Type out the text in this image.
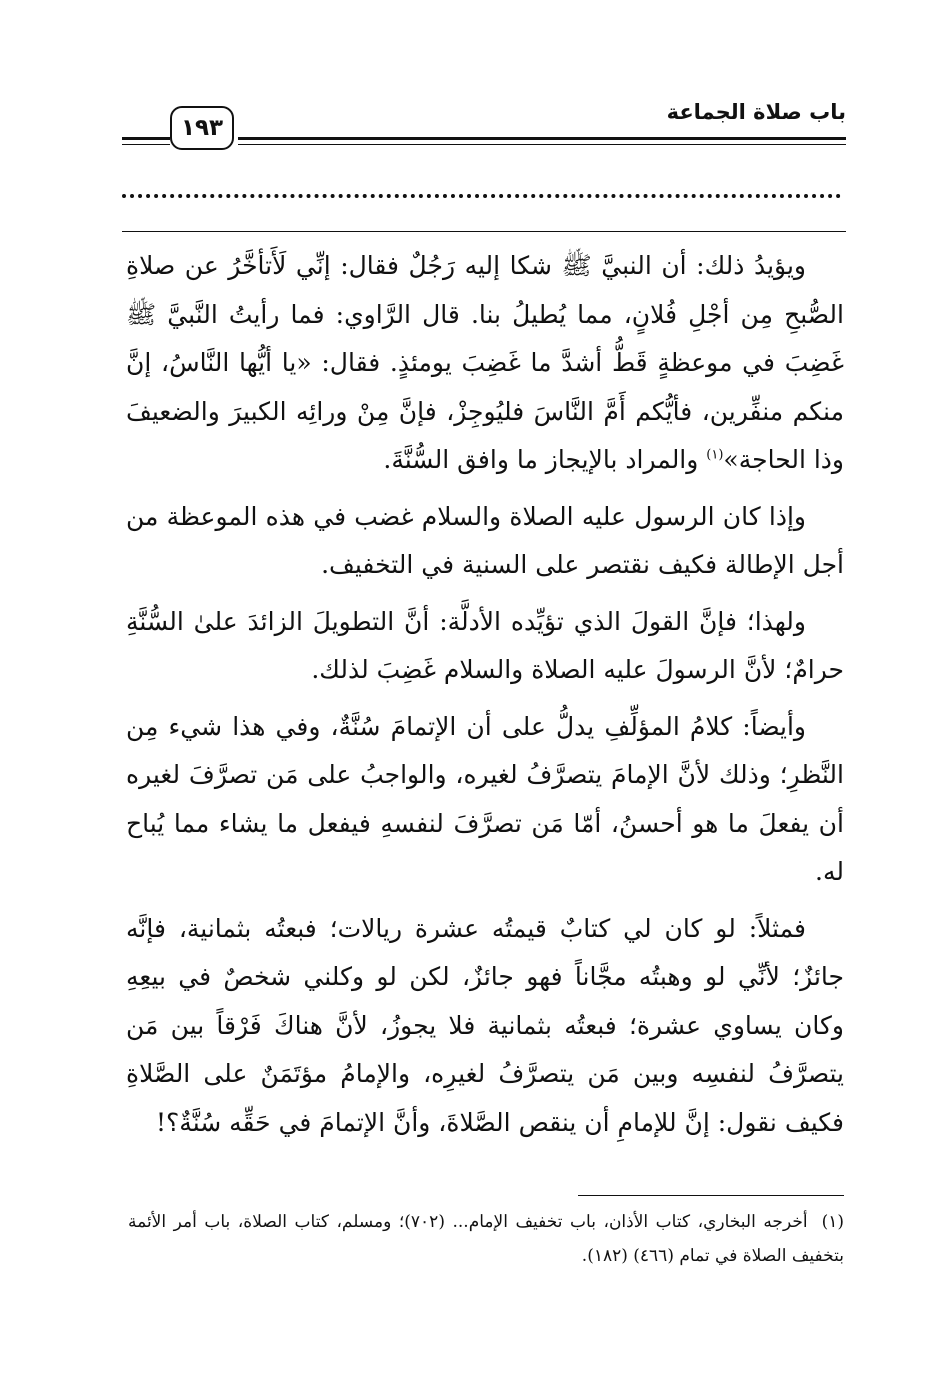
باب صلاة الجماعة
١٩٣

ويؤيدُ ذلك: أن النبيَّ ﷺ شكا إليه رَجُلٌ فقال: إنِّي لَأَتأخَّرُ عن صلاةِ الصُّبحِ مِن أجْلِ فُلانٍ، مما يُطيلُ بنا. قال الرَّاوي: فما رأيتُ النَّبيَّ ﷺ غَضِبَ في موعظةٍ قَطُّ أشدَّ ما غَضِبَ يومئذٍ. فقال: «يا أيُّها النَّاسُ، إنَّ منكم منفِّرين، فأيُّكم أَمَّ النَّاسَ فليُوجِزْ، فإنَّ مِنْ ورائِه الكبيرَ والضعيفَ وذا الحاجة»$^{(١)}$ والمراد بالإيجاز ما وافق السُّنَّةَ.

وإذا كان الرسول عليه الصلاة والسلام غضب في هذه الموعظة من أجل الإطالة فكيف نقتصر على السنية في التخفيف.

ولهذا؛ فإنَّ القولَ الذي تؤيِّده الأدلَّة: أنَّ التطويلَ الزائدَ علىٰ السُّنَّةِ حرامٌ؛ لأنَّ الرسولَ عليه الصلاة والسلام غَضِبَ لذلك.

وأيضاً: كلامُ المؤلِّفِ يدلُّ على أن الإتمامَ سُنَّةٌ، وفي هذا شيء مِن النَّظرِ؛ وذلك لأنَّ الإمامَ يتصرَّفُ لغيره، والواجبُ على مَن تصرَّفَ لغيره أن يفعلَ ما هو أحسنُ، أمّا مَن تصرَّفَ لنفسهِ فيفعل ما يشاء مما يُباح له.

فمثلاً: لو كان لي كتابٌ قيمتُه عشرة ريالات؛ فبعتُه بثمانية، فإنَّه جائزٌ؛ لأنِّي لو وهبتُه مجَّاناً فهو جائزٌ، لكن لو وكلني شخصٌ في بيعِهِ وكان يساوي عشرة؛ فبعتُه بثمانية فلا يجوزُ، لأنَّ هناكَ فَرْقاً بين مَن يتصرَّفُ لنفسِه وبين مَن يتصرَّفُ لغيرِه، والإمامُ مؤتَمَنٌ على الصَّلاةِ فكيف نقول: إنَّ للإمامِ أن ينقص الصَّلاةَ، وأنَّ الإتمامَ في حَقِّه سُنَّةٌ؟!

(١)أخرجه البخاري، كتاب الأذان، باب تخفيف الإمام... (٧٠٢)؛ ومسلم، كتاب الصلاة، باب أمر الأئمة بتخفيف الصلاة في تمام (٤٦٦) (١٨٢).
